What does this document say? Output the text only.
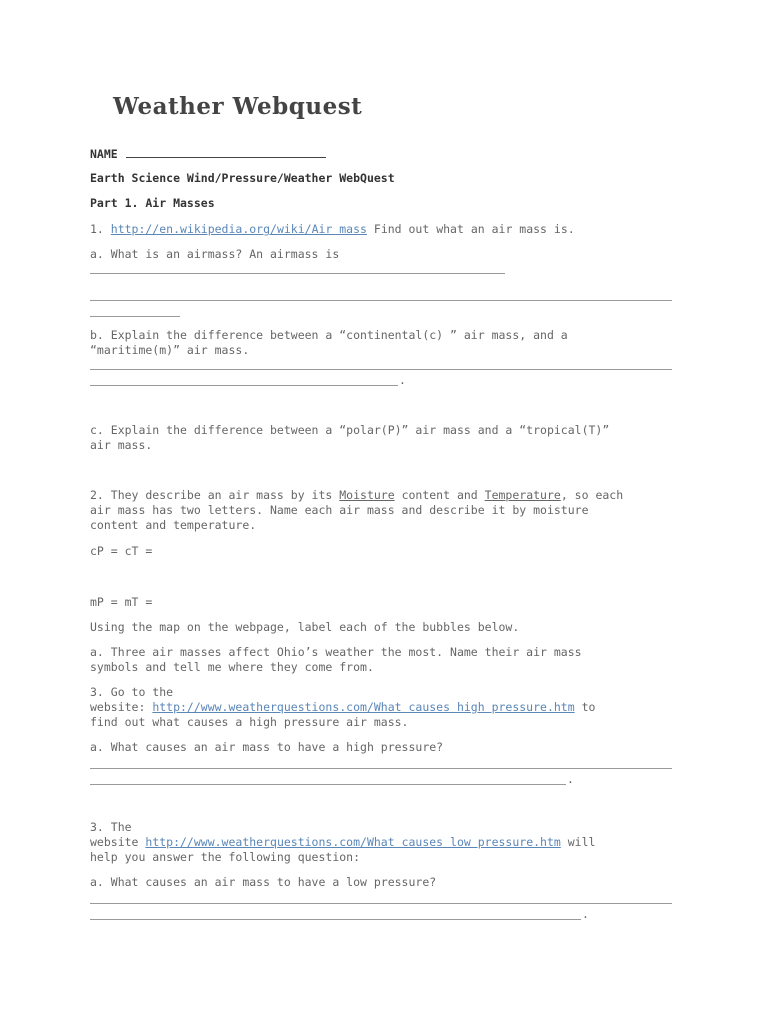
Weather Webquest
NAME
Earth Science Wind/Pressure/Weather WebQuest
Part 1. Air Masses
1. http://en.wikipedia.org/wiki/Air mass Find out what an air mass is.
a. What is an airmass? An airmass is
b. Explain the difference between a “continental(c) ” air mass, and a
“maritime(m)” air mass.
.
c. Explain the difference between a “polar(P)” air mass and a “tropical(T)”
air mass.
2. They describe an air mass by its Moisture content and Temperature, so each
air mass has two letters. Name each air mass and describe it by moisture
content and temperature.
cP = cT =
mP = mT =
Using the map on the webpage, label each of the bubbles below.
a. Three air masses affect Ohio’s weather the most. Name their air mass
symbols and tell me where they come from.
3. Go to the
website: http://www.weatherquestions.com/What causes high pressure.htm to
find out what causes a high pressure air mass.
a. What causes an air mass to have a high pressure?
.
3. The
website http://www.weatherquestions.com/What causes low pressure.htm will
help you answer the following question:
a. What causes an air mass to have a low pressure?
.
